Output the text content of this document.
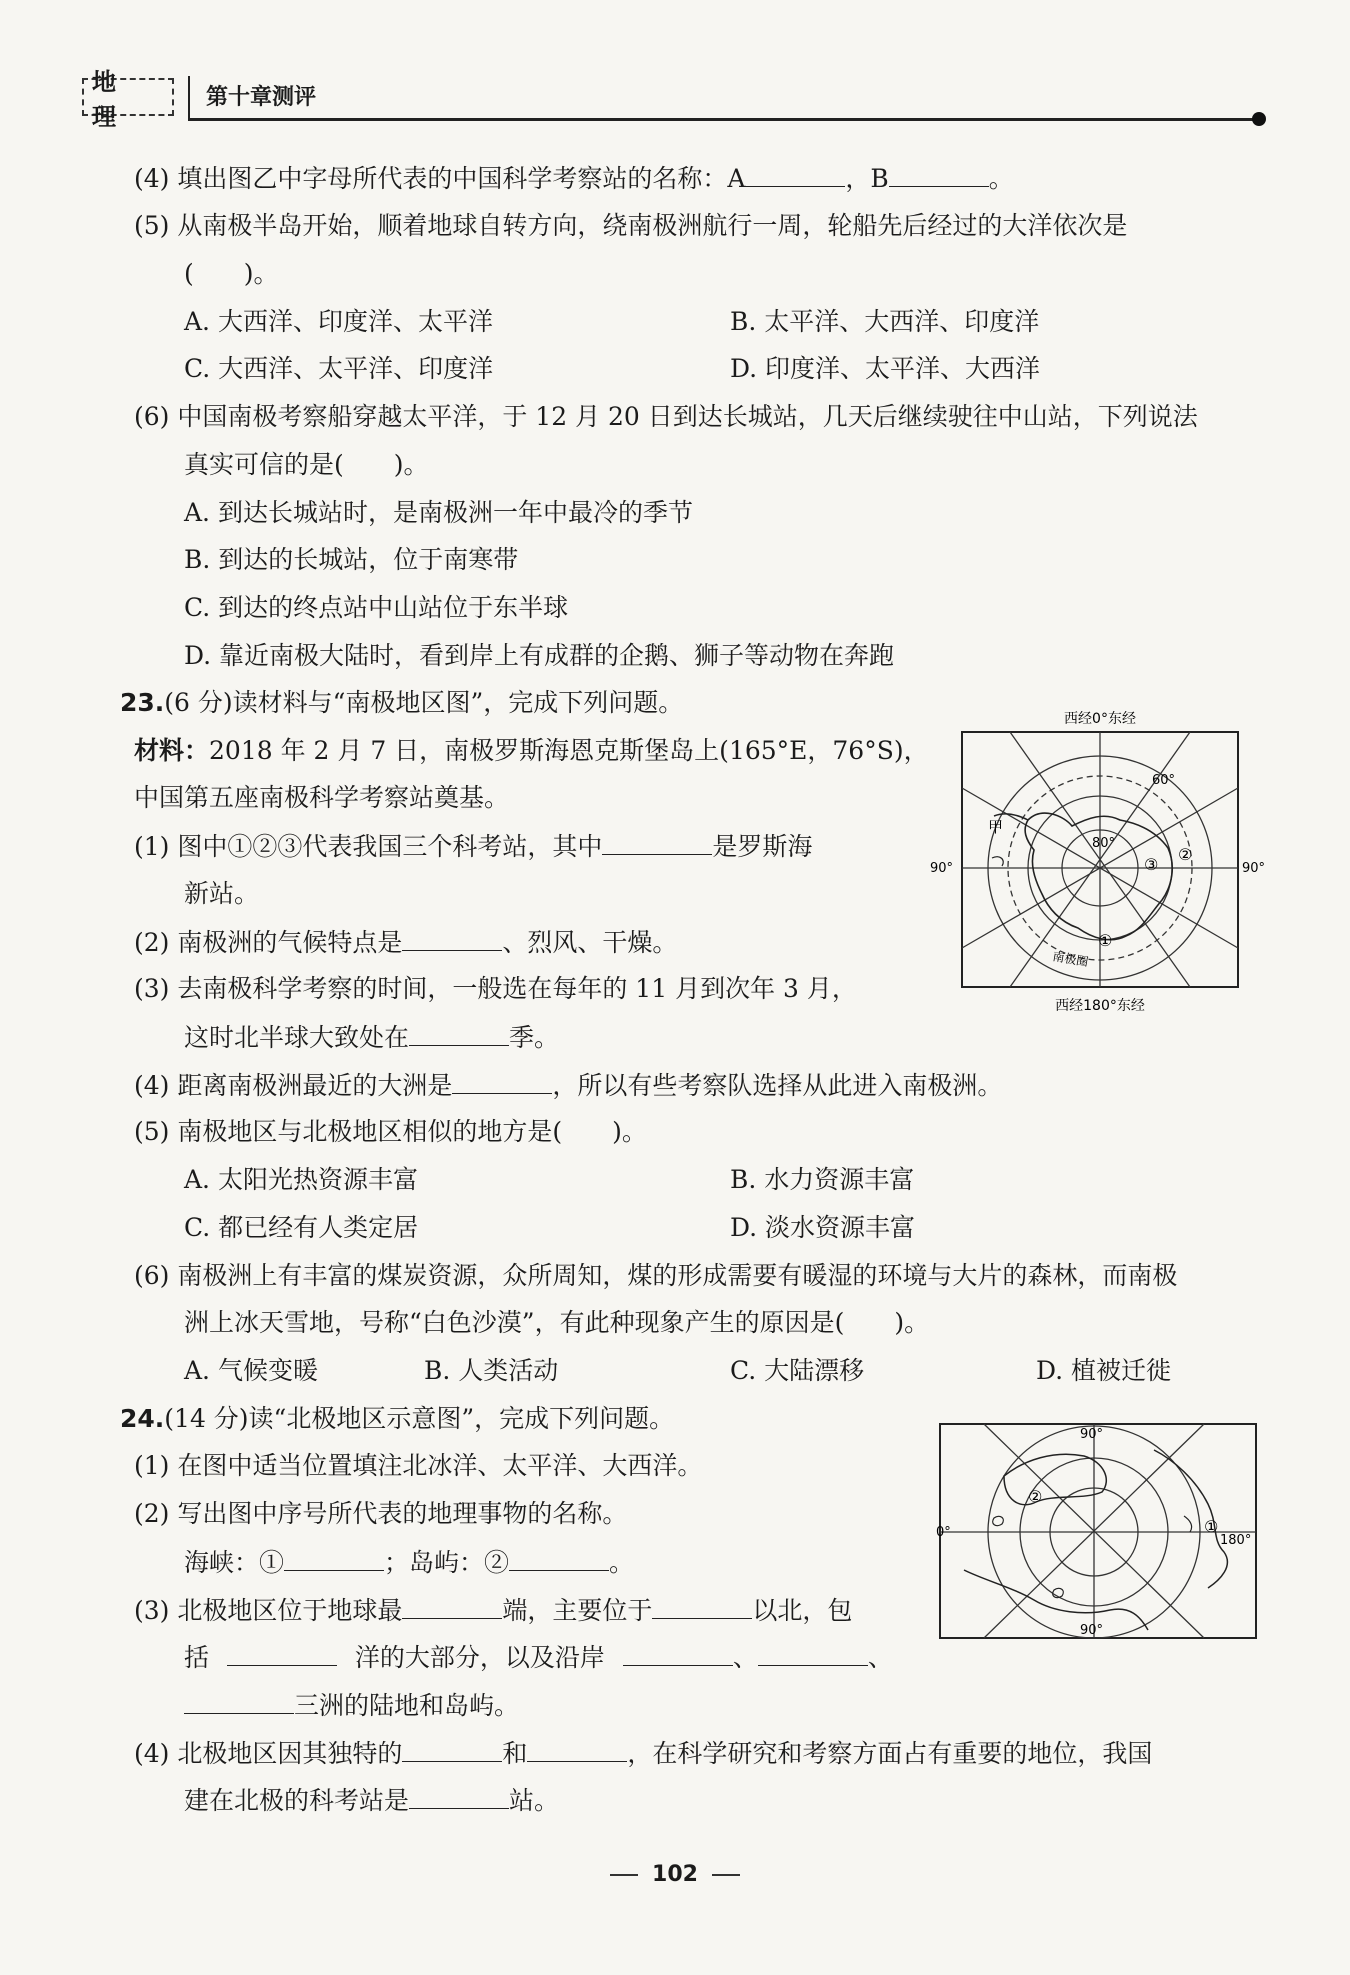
地 理
第十章测评
(4) 填出图乙中字母所代表的中国科学考察站的名称：A	，B	。
(5) 从南极半岛开始，顺着地球自转方向，绕南极洲航行一周，轮船先后经过的大洋依次是
(　　)。
A. 大西洋、印度洋、太平洋	B. 太平洋、大西洋、印度洋
C. 大西洋、太平洋、印度洋	D. 印度洋、太平洋、大西洋
(6) 中国南极考察船穿越太平洋，于 12 月 20 日到达长城站，几天后继续驶往中山站，下列说法
真实可信的是(　　)。
A. 到达长城站时，是南极洲一年中最冷的季节
B. 到达的长城站，位于南寒带
C. 到达的终点站中山站位于东半球
D. 靠近南极大陆时，看到岸上有成群的企鹅、狮子等动物在奔跑
23.(6 分)读材料与“南极地区图”，完成下列问题。
材料：2018 年 2 月 7 日，南极罗斯海恩克斯堡岛上(165°E，76°S)，
中国第五座南极科学考察站奠基。
(1) 图中①②③代表我国三个科考站，其中	是罗斯海
新站。
(2) 南极洲的气候特点是	、烈风、干燥。
(3) 去南极科学考察的时间，一般选在每年的 11 月到次年 3 月，
这时北半球大致处在	季。
(4) 距离南极洲最近的大洲是	，所以有些考察队选择从此进入南极洲。
(5) 南极地区与北极地区相似的地方是(　　)。
A. 太阳光热资源丰富	B. 水力资源丰富
C. 都已经有人类定居	D. 淡水资源丰富
(6) 南极洲上有丰富的煤炭资源，众所周知，煤的形成需要有暖湿的环境与大片的森林，而南极
洲上冰天雪地，号称“白色沙漠”，有此种现象产生的原因是(　　)。
A. 气候变暖	B. 人类活动	C. 大陆漂移	D. 植被迁徙
西经0°东经
甲
60°
80°
90°	90°
③
②
①
南极圈
西经180°东经
24.(14 分)读“北极地区示意图”，完成下列问题。
(1) 在图中适当位置填注北冰洋、太平洋、大西洋。
(2) 写出图中序号所代表的地理事物的名称。
海峡：①	；岛屿：②	。
(3) 北极地区位于地球最	端，主要位于	以北，包
括	洋的大部分，以及沿岸	、	、
三洲的陆地和岛屿。
(4) 北极地区因其独特的	和	，在科学研究和考察方面占有重要的地位，我国
建在北极的科考站是	站。
90°
90°
0°
180°
②
①
102
